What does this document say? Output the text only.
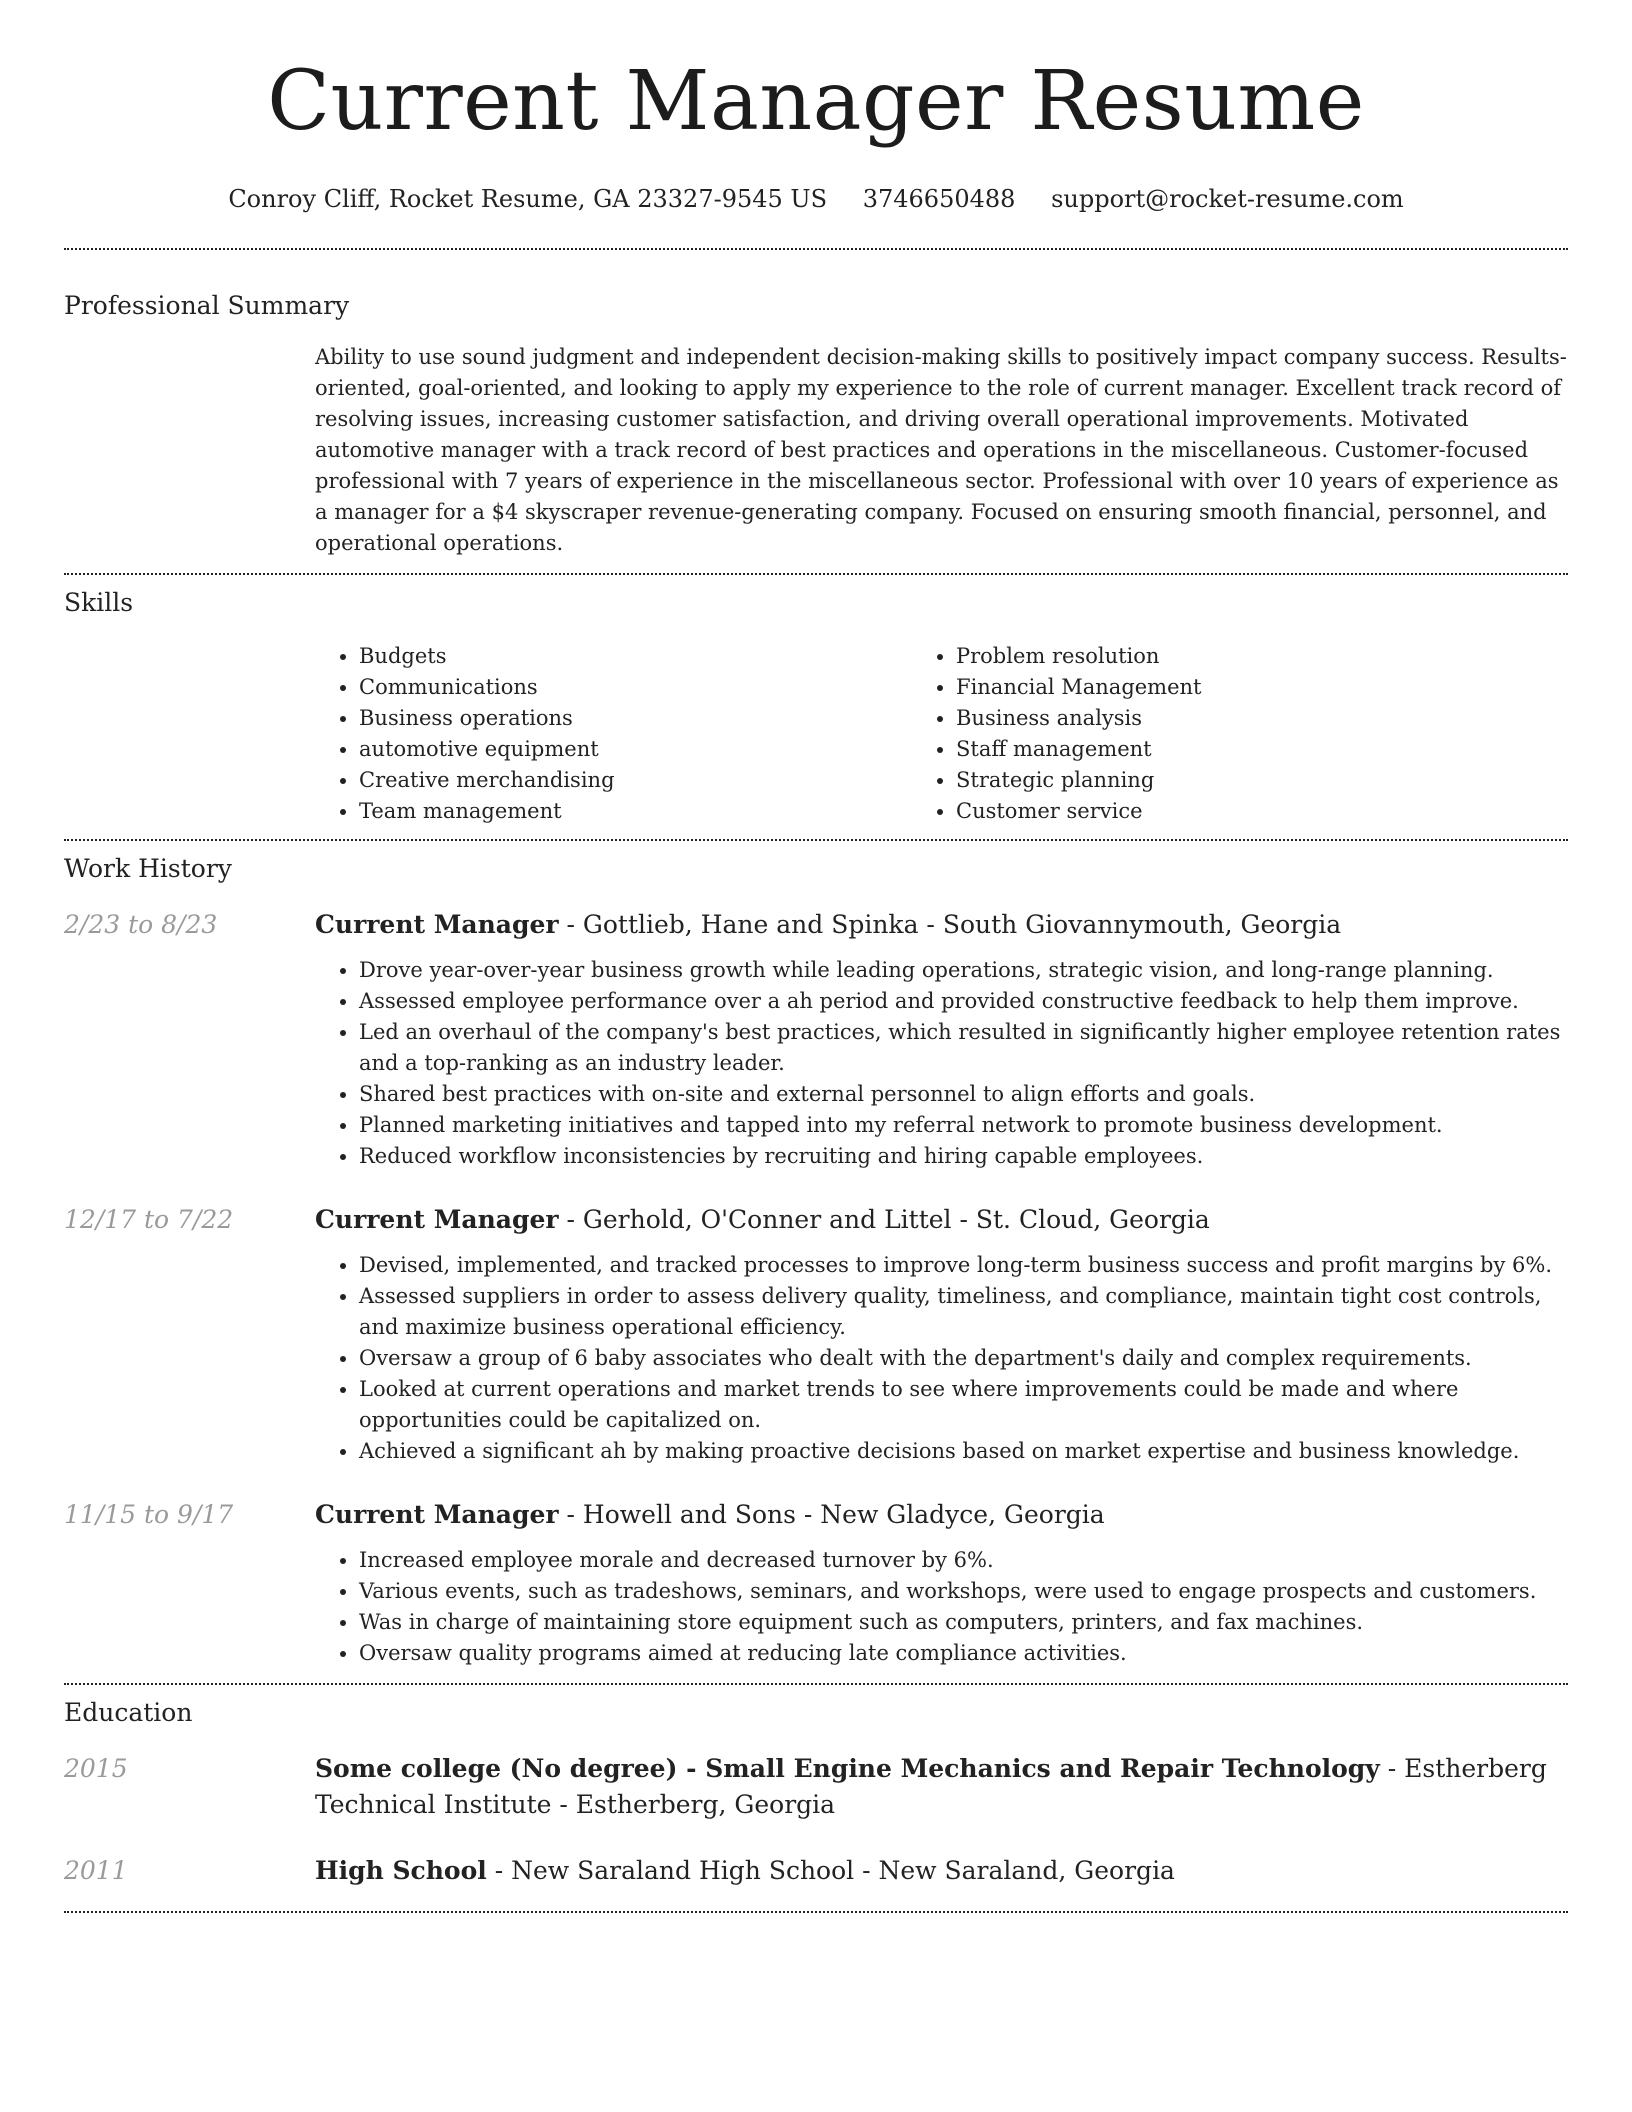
Current Manager Resume
Conroy Cliff, Rocket Resume, GA 23327-9545 US 3746650488 support@rocket-resume.com
Professional Summary

Ability to use sound judgment and independent decision-making skills to positively impact company success. Results-oriented, goal-oriented, and looking to apply my experience to the role of current manager. Excellent track record of resolving issues, increasing customer satisfaction, and driving overall operational improvements. Motivated automotive manager with a track record of best practices and operations in the miscellaneous. Customer-focused professional with 7 years of experience in the miscellaneous sector. Professional with over 10 years of experience as a manager for a $4 skyscraper revenue-generating company. Focused on ensuring smooth financial, personnel, and operational operations.

Skills
• Budgets
• Communications
• Business operations
• automotive equipment
• Creative merchandising
• Team management
• Problem resolution
• Financial Management
• Business analysis
• Staff management
• Strategic planning
• Customer service
Work History
2/23 to 8/23	Current Manager - Gottlieb, Hane and Spinka - South Giovannymouth, Georgia
• Drove year-over-year business growth while leading operations, strategic vision, and long-range planning.
• Assessed employee performance over a ah period and provided constructive feedback to help them improve.
• Led an overhaul of the company's best practices, which resulted in significantly higher employee retention rates and a top-ranking as an industry leader.
• Shared best practices with on-site and external personnel to align efforts and goals.
• Planned marketing initiatives and tapped into my referral network to promote business development.
• Reduced workflow inconsistencies by recruiting and hiring capable employees.
12/17 to 7/22	Current Manager - Gerhold, O'Conner and Littel - St. Cloud, Georgia
• Devised, implemented, and tracked processes to improve long-term business success and profit margins by 6%.
• Assessed suppliers in order to assess delivery quality, timeliness, and compliance, maintain tight cost controls, and maximize business operational efficiency.
• Oversaw a group of 6 baby associates who dealt with the department's daily and complex requirements.
• Looked at current operations and market trends to see where improvements could be made and where opportunities could be capitalized on.
• Achieved a significant ah by making proactive decisions based on market expertise and business knowledge.
11/15 to 9/17	Current Manager - Howell and Sons - New Gladyce, Georgia
• Increased employee morale and decreased turnover by 6%.
• Various events, such as tradeshows, seminars, and workshops, were used to engage prospects and customers.
• Was in charge of maintaining store equipment such as computers, printers, and fax machines.
• Oversaw quality programs aimed at reducing late compliance activities.
Education
2015	Some college (No degree) - Small Engine Mechanics and Repair Technology - Estherberg Technical Institute - Estherberg, Georgia
2011	High School - New Saraland High School - New Saraland, Georgia
